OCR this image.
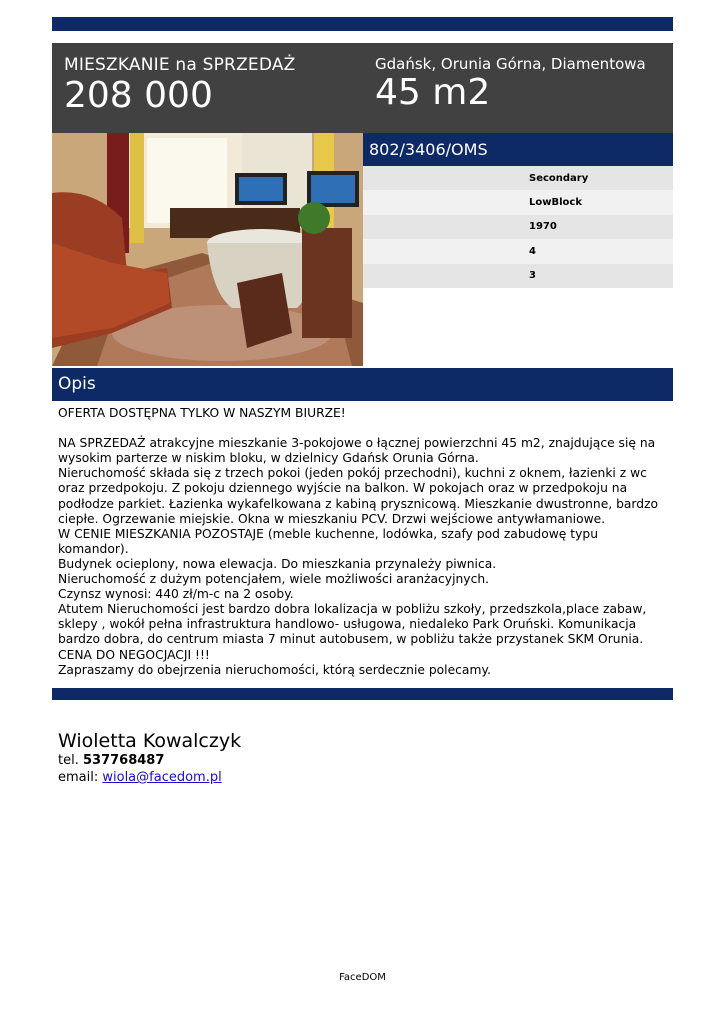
MIESZKANIE na SPRZEDAŻ
208 000
Gdańsk, Orunia Górna, Diamentowa
45 m2
802/3406/OMS
Secondary
LowBlock
1970
4
3
Opis

OFERTA DOSTĘPNA TYLKO W NASZYM BIURZE!

NA SPRZEDAŻ atrakcyjne mieszkanie 3-pokojowe o łącznej powierzchni 45 m2, znajdujące się na wysokim parterze w niskim bloku, w dzielnicy Gdańsk Orunia Górna.

Nieruchomość składa się z trzech pokoi (jeden pokój przechodni), kuchni z oknem, łazienki z wc oraz przedpokoju. Z pokoju dziennego wyjście na balkon. W pokojach oraz w przedpokoju na podłodze parkiet. Łazienka wykafelkowana z kabiną prysznicową. Mieszkanie dwustronne, bardzo ciepłe. Ogrzewanie miejskie. Okna w mieszkaniu PCV. Drzwi wejściowe antywłamaniowe.

W CENIE MIESZKANIA POZOSTAJE (meble kuchenne, lodówka, szafy pod zabudowę typu komandor).

Budynek ocieplony, nowa elewacja. Do mieszkania przynależy piwnica.

Nieruchomość z dużym potencjałem, wiele możliwości aranżacyjnych.

Czynsz wynosi: 440 zł/m-c na 2 osoby.

Atutem Nieruchomości jest bardzo dobra lokalizacja w pobliżu szkoły, przedszkola,place zabaw, sklepy , wokół pełna infrastruktura handlowo- usługowa, niedaleko Park Oruński. Komunikacja bardzo dobra, do centrum miasta 7 minut autobusem, w pobliżu także przystanek SKM Orunia.

CENA DO NEGOCJACJI !!!

Zapraszamy do obejrzenia nieruchomości, którą serdecznie polecamy.

Wioletta Kowalczyk
tel. 537768487
email: wiola@facedom.pl
FaceDOM
